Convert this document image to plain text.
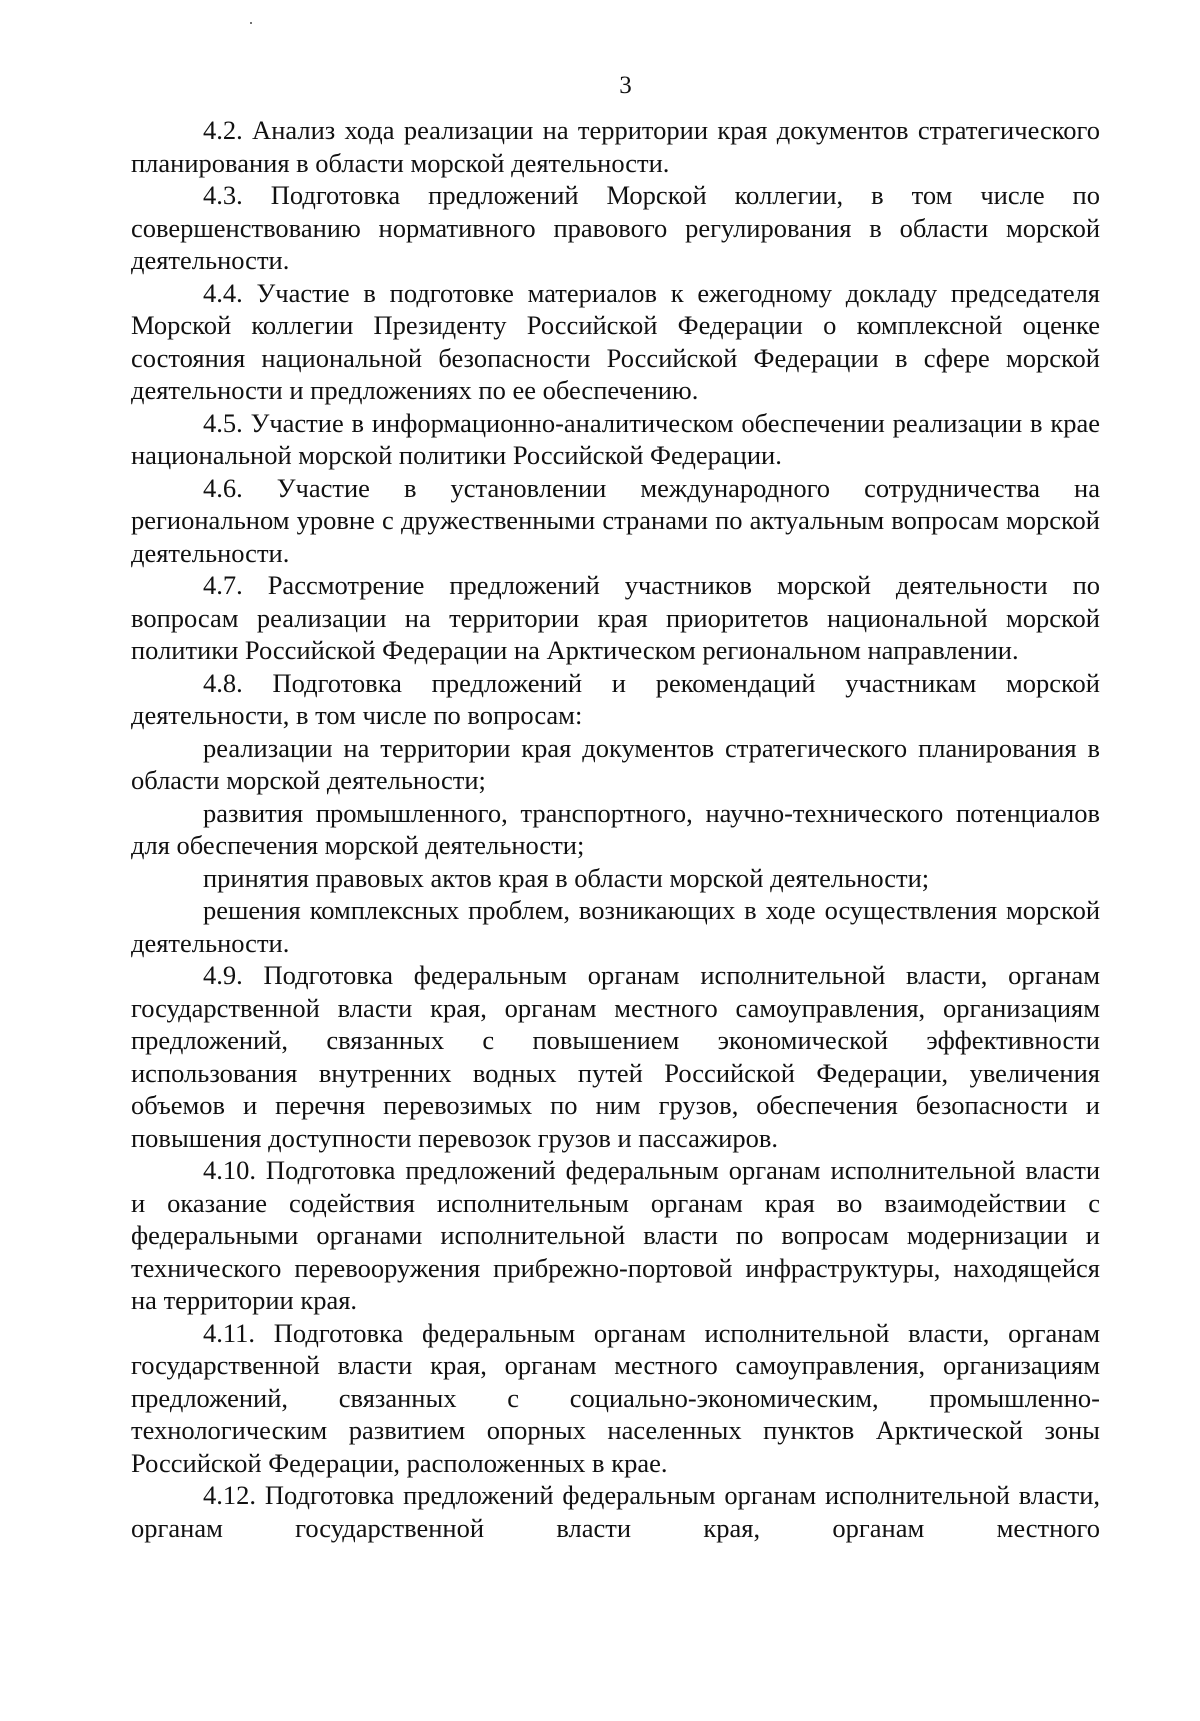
3

4.2. Анализ хода реализации на территории края документов стратегического планирования в области морской деятельности.

4.3. Подготовка предложений Морской коллегии, в том числе по совершенствованию нормативного правового регулирования в области морской деятельности.

4.4. Участие в подготовке материалов к ежегодному докладу председателя Морской коллегии Президенту Российской Федерации о комплексной оценке состояния национальной безопасности Российской Федерации в сфере морской деятельности и предложениях по ее обеспечению.

4.5. Участие в информационно-аналитическом обеспечении реализации в крае национальной морской политики Российской Федерации.

4.6. Участие в установлении международного сотрудничества на региональном уровне с дружественными странами по актуальным вопросам морской деятельности.

4.7. Рассмотрение предложений участников морской деятельности по вопросам реализации на территории края приоритетов национальной морской политики Российской Федерации на Арктическом региональном направлении.

4.8. Подготовка предложений и рекомендаций участникам морской деятельности, в том числе по вопросам:

реализации на территории края документов стратегического планирования в области морской деятельности;

развития промышленного, транспортного, научно-технического потенциалов для обеспечения морской деятельности;

принятия правовых актов края в области морской деятельности;

решения комплексных проблем, возникающих в ходе осуществления морской деятельности.

4.9. Подготовка федеральным органам исполнительной власти, органам государственной власти края, органам местного самоуправления, организациям предложений, связанных с повышением экономической эффективности использования внутренних водных путей Российской Федерации, увеличения объемов и перечня перевозимых по ним грузов, обеспечения безопасности и повышения доступности перевозок грузов и пассажиров.

4.10. Подготовка предложений федеральным органам исполнительной власти и оказание содействия исполнительным органам края во взаимодействии с федеральными органами исполнительной власти по вопросам модернизации и технического перевооружения прибрежно-портовой инфраструктуры, находящейся на территории края.

4.11. Подготовка федеральным органам исполнительной власти, органам государственной власти края, органам местного самоуправления, организациям предложений, связанных с социально-экономическим, промышленно-технологическим развитием опорных населенных пунктов Арктической зоны Российской Федерации, расположенных в крае.

4.12. Подготовка предложений федеральным органам исполнительной власти, органам государственной власти края, органам местного
